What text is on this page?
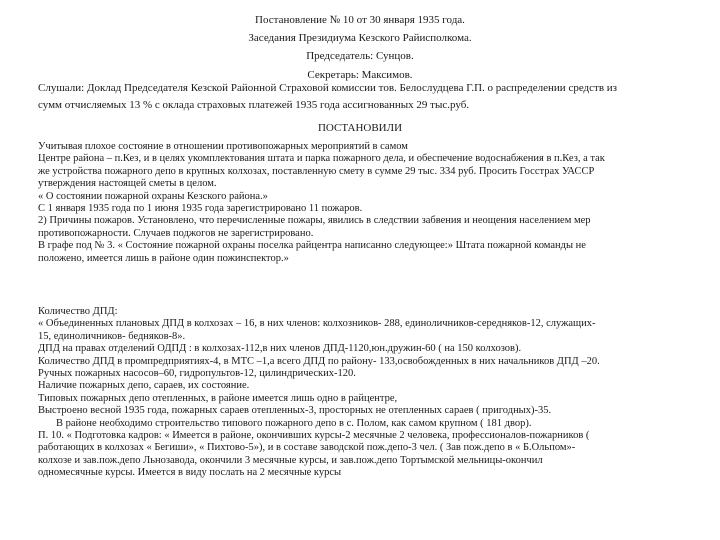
Постановление № 10 от 30 января 1935 года.
Заседания Президиума Кезского Райисполкома.
Председатель: Сунцов.
Секретарь: Максимов.
Слушали: Доклад Председателя Кезской Районной Страховой комиссии тов. Белослудцева Г.П. о распределении средств из
сумм отчисляемых 13 % с оклада страховых платежей 1935 года ассигнованных 29 тыс.руб.
ПОСТАНОВИЛИ

Учитывая плохое состояние в отношении противопожарных мероприятий в самом

Центре района – п.Кез, и в целях укомплектования штата и парка пожарного дела, и обеспечение водоснабжения в п.Кез, а так

же устройства пожарного депо в крупных колхозах, поставленную смету в сумме 29 тыс. 334 руб. Просить Госстрах УАССР

утверждения настоящей сметы в целом.

« О состоянии пожарной охраны Кезского района.»

С 1 января 1935 года по 1 июня 1935 года зарегистрировано 11 пожаров.

2) Причины пожаров. Установлено, что перечисленные пожары, явились в следствии забвения и неощения населением мер

противопожарности. Случаев поджогов не зарегистрировано.

В графе под № 3. « Состояние пожарной охраны поселка райцентра написанно следующее:» Штата пожарной команды не

положено, имеется лишь в районе один пожинспектор.»

Количество ДПД:

« Объединенных плановых ДПД в колхозах – 16, в них членов: колхозников- 288, единоличников-середняков-12, служащих-

15, единоличников- бедняков-8».

ДПД на правах отделений ОДПД : в колхозах-112,в них членов ДПД-1120,юн.дружин-60 ( на 150 колхозов).

Количество ДПД в промпредприятиях-4, в МТС –1,а всего ДПД по району- 133,освобожденных в них начальников ДПД –20.

Ручных пожарных насосов–60, гидропультов-12, цилиндрических-120.

Наличие пожарных депо, сараев, их состояние.

Типовых пожарных депо отепленных, в районе имеется лишь одно в райцентре,

Выстроено весной 1935 года, пожарных сараев отепленных-3, просторных не отепленных сараев ( пригодных)-35.

В районе необходимо строительство типового пожарного депо в с. Полом, как самом крупном ( 181 двор).

П. 10. « Подготовка кадров: « Имеется в районе, окончивших курсы-2 месячные 2 человека, профессионалов-пожарников (

работающих в колхозах « Бегиши», « Пихтово-5»), и в составе заводской пож.депо-3 чел. ( Зав пож.депо в « Б.Ольпом»-

колхозе и зав.пож.депо Льнозавода, окончили 3 месячные курсы, и зав.пож.депо Тортымской мельницы-окончил

одномесячные курсы. Имеется в виду послать на 2 месячные курсы
